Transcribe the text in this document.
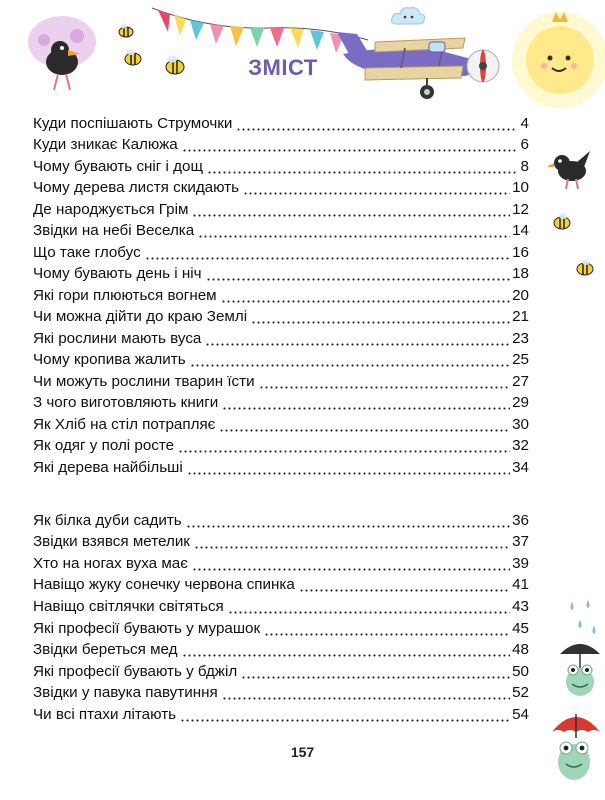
ЗМІСТ
Куди поспішають Струмочки	4
Куди зникає Калюжа	6
Чому бувають сніг і дощ	8
Чому дерева листя скидають	10
Де народжується Грім	12
Звідки на небі Веселка	14
Що таке глобус	16
Чому бувають день і ніч	18
Які гори плюються вогнем	20
Чи можна дійти до краю Землі	21
Які рослини мають вуса	23
Чому кропива жалить	25
Чи можуть рослини тварин їсти	27
З чого виготовляють книги	29
Як Хліб на стіл потрапляє	30
Як одяг у полі росте	32
Які дерева найбільші	34
Як білка дуби садить	36
Звідки взявся метелик	37
Хто на ногах вуха має	39
Навіщо жуку сонечку червона спинка	41
Навіщо світлячки світяться	43
Які професії бувають у мурашок	45
Звідки береться мед	48
Які професії бувають у бджіл	50
Звідки у павука павутиння	52
Чи всі птахи літають	54
157
